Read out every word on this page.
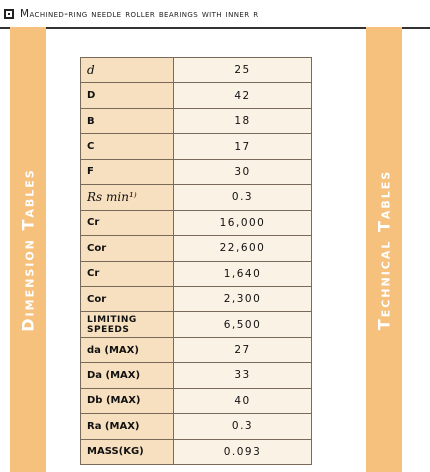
Machined-ring needle roller bearings with inner r
Dimension Tables	Technical Tables
d	25
D	42
B	18
C	17
F	30
Rs min¹⁾	0.3
Cr	16,000
Cor	22,600
Cr	1,640
Cor	2,300
LIMITING SPEEDS	6,500
da (MAX)	27
Da (MAX)	33
Db (MAX)	40
Ra (MAX)	0.3
MASS(KG)	0.093
